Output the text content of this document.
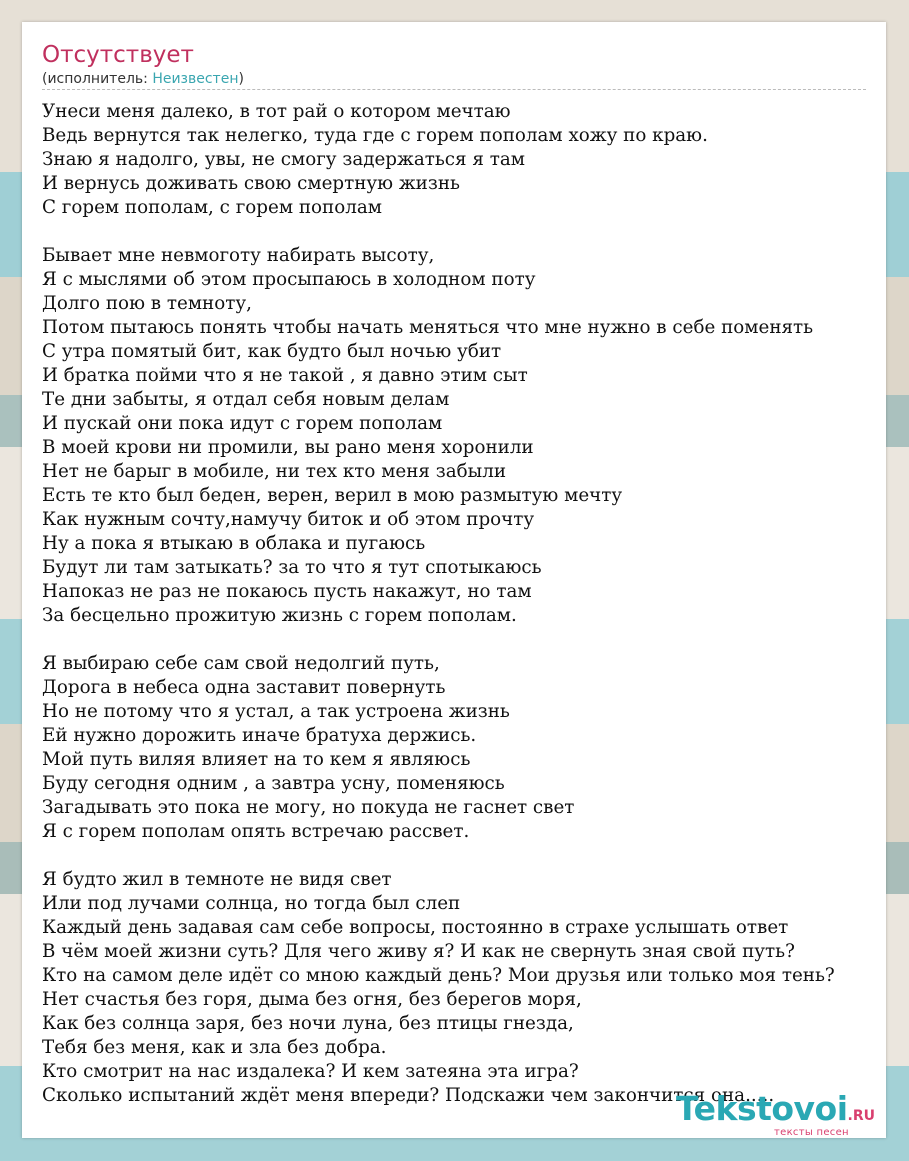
Отсутствует
(исполнитель: Неизвестен)
Унеси меня далеко, в тот рай о котором мечтаю
Ведь вернутся так нелегко, туда где с горем пополам хожу по краю.
Знаю я надолго, увы, не смогу задержаться я там
И вернусь доживать свою смертную жизнь
С горем пополам, с горем пополам

Бывает мне невмоготу набирать высоту,
Я с мыслями об этом просыпаюсь в холодном поту
Долго пою в темноту,
Потом пытаюсь понять чтобы начать меняться что мне нужно в себе поменять
С утра помятый бит, как будто был ночью убит
И братка пойми что я не такой , я давно этим сыт
Те дни забыты, я отдал себя новым делам
И пускай они пока идут с горем пополам
В моей крови ни промили, вы рано меня хоронили
Нет не барыг в мобиле, ни тех кто меня забыли
Есть те кто был беден, верен, верил в мою размытую мечту
Как нужным сочту,намучу биток и об этом прочту
Ну а пока я втыкаю в облака и пугаюсь
Будут ли там затыкать? за то что я тут спотыкаюсь
Напоказ не раз не покаюсь пусть накажут, но там
За бесцельно прожитую жизнь с горем пополам.

Я выбираю себе сам свой недолгий путь,
Дорога в небеса одна заставит повернуть
Но не потому что я устал, а так устроена жизнь
Ей нужно дорожить иначе братуха держись.
Мой путь виляя влияет на то кем я являюсь
Буду сегодня одним , а завтра усну, поменяюсь
Загадывать это пока не могу, но покуда не гаснет свет
Я с горем пополам опять встречаю рассвет.

Я будто жил в темноте не видя свет
Или под лучами солнца, но тогда был слеп
Каждый день задавая сам себе вопросы, постоянно в страхе услышать ответ
В чём моей жизни суть? Для чего живу я? И как не свернуть зная свой путь?
Кто на самом деле идёт со мною каждый день? Мои друзья или только моя тень?
Нет счастья без горя, дыма без огня, без берегов моря,
Как без солнца заря, без ночи луна, без птицы гнезда,
Тебя без меня, как и зла без добра.
Кто смотрит на нас издалека? И кем затеяна эта игра?
Сколько испытаний ждёт меня впереди? Подскажи чем закончится она.....
Tekstovoi.RU
тексты песен
